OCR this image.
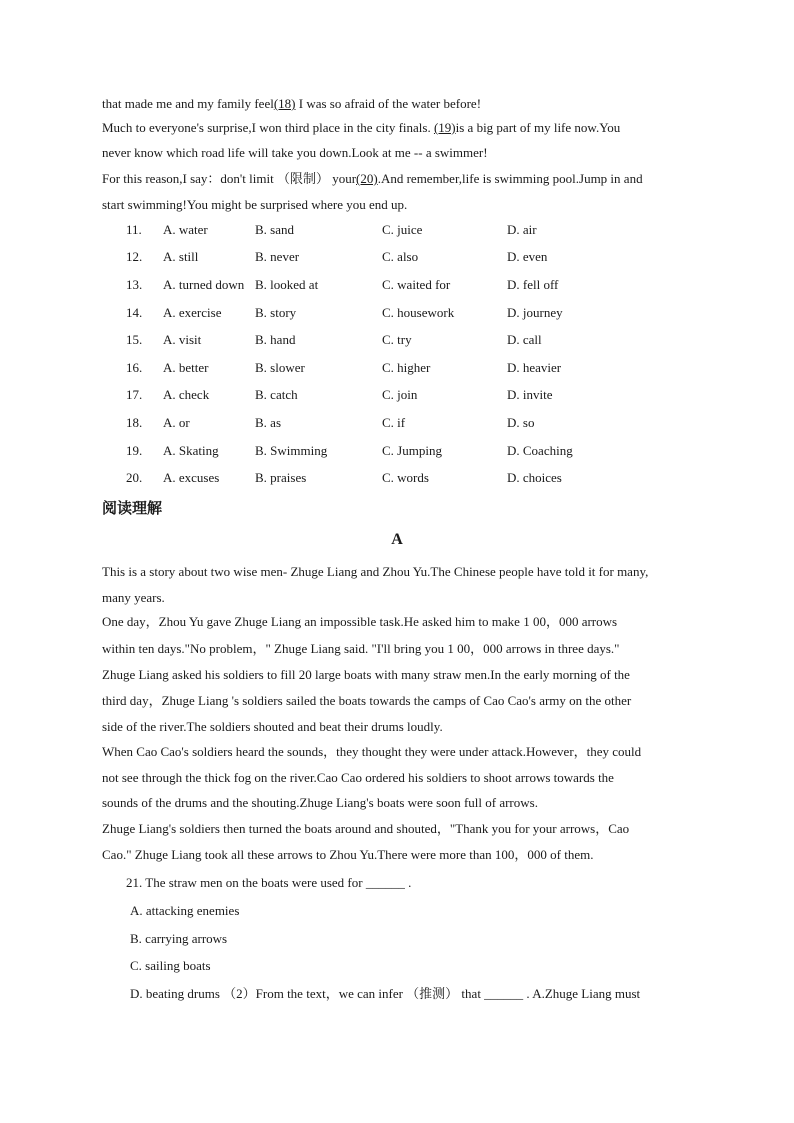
that made me and my family feel(18) I was so afraid of the water before!
Much to everyone's surprise,I won third place in the city finals. (19)is a big part of my life now.You
never know which road life will take you down.Look at me -- a swimmer!
For this reason,I say：don't limit （限制） your(20).And remember,life is swimming pool.Jump in and
start swimming!You might be surprised where you end up.
11. A. water	B. sand	C. juice	D. air
12. A. still	B. never	C. also	D. even
13. A. turned down B. looked at	C. waited for	D. fell off
14. A. exercise	B. story	C. housework	D. journey
15. A. visit	B. hand	C. try	D. call
16. A. better	B. slower	C. higher	D. heavier
17. A. check	B. catch	C. join	D. invite
18. A. or	B. as	C. if	D. so
19. A. Skating	B. Swimming	C. Jumping	D. Coaching
20. A. excuses	B. praises	C. words	D. choices
阅读理解
A
This is a story about two wise men- Zhuge Liang and Zhou Yu.The Chinese people have told it for many,
many years.
One day，Zhou Yu gave Zhuge Liang an impossible task.He asked him to make 1 00，000 arrows
within ten days."No problem，" Zhuge Liang said. "I'll bring you 1 00，000 arrows in three days."
Zhuge Liang asked his soldiers to fill 20 large boats with many straw men.In the early morning of the
third day，Zhuge Liang 's soldiers sailed the boats towards the camps of Cao Cao's army on the other
side of the river.The soldiers shouted and beat their drums loudly.
When Cao Cao's soldiers heard the sounds，they thought they were under attack.However，they could
not see through the thick fog on the river.Cao Cao ordered his soldiers to shoot arrows towards the
sounds of the drums and the shouting.Zhuge Liang's boats were soon full of arrows.
Zhuge Liang's soldiers then turned the boats around and shouted，"Thank you for your arrows，Cao
Cao." Zhuge Liang took all these arrows to Zhou Yu.There were more than 100，000 of them.
21. The straw men on the boats were used for ______ .
A. attacking enemies
B. carrying arrows
C. sailing boats
D. beating drums （2）From the text，we can infer （推测） that ______ . A.Zhuge Liang must
